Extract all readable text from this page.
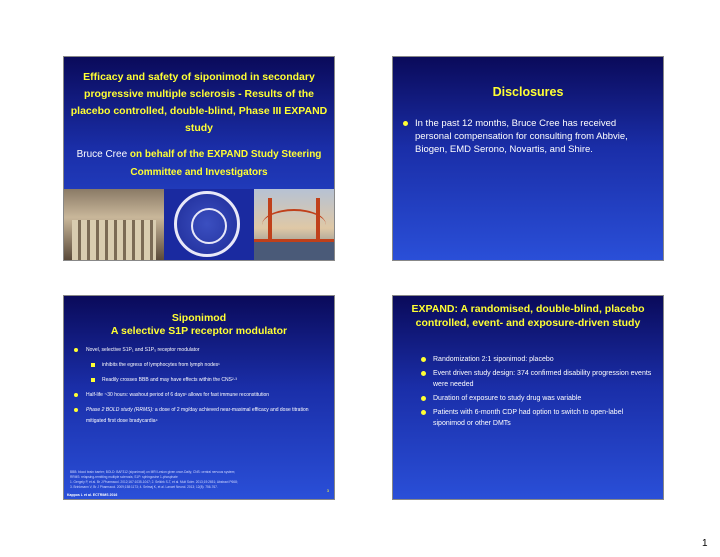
Efficacy and safety of siponimod in secondary progressive multiple sclerosis - Results of the placebo controlled, double-blind, Phase III EXPAND study
Bruce Cree on behalf of the EXPAND Study Steering Committee and Investigators
Disclosures
In the past 12 months, Bruce Cree has received personal compensation for consulting from Abbvie, Biogen, EMD Serono, Novartis, and Shire.
Siponimod
A selective S1P receptor modulator
Novel, selective S1P₁ and S1P₅ receptor modulator
inhibits the egress of lymphocytes from lymph nodes¹
Readily crosses BBB and may have effects within the CNS²·³
Half-life ~30 hours: washout period of 6 days¹ allows for fast immune reconstitution
Phase 2 BOLD study (RRMS): a dose of 2 mg/day achieved near-maximal efficacy and dose titration mitigated first dose bradycardia⁴
BBB: blood brain barrier; BOLD: BAF312 (siponimod) on MRI Lesion given once-Daily; CNS: central nervous system;
RRMS: relapsing-remitting multiple sclerosis; S1P: sphingosine 1-phosphate
1. Gergely P, et al. Br J Pharmacol. 2012;167:1035-1047; 2. Selkirk S-T, et al. Mult Scler. 2013;19:2651; Abstract P668;
3. Brinkmann V, Br J Pharmacol. 2009;158:1173; 4. Selmaj K, et al. Lancet Neurol. 2013; 12(8): 756-767.
3
Kappos L et al. ECTRIMS 2016
EXPAND: A randomised, double-blind, placebo controlled, event- and exposure-driven study
Randomization 2:1 siponimod: placebo
Event driven study design: 374 confirmed disability progression events were needed
Duration of exposure to study drug was variable
Patients with 6-month CDP had option to switch to open-label siponimod or other DMTs
1
